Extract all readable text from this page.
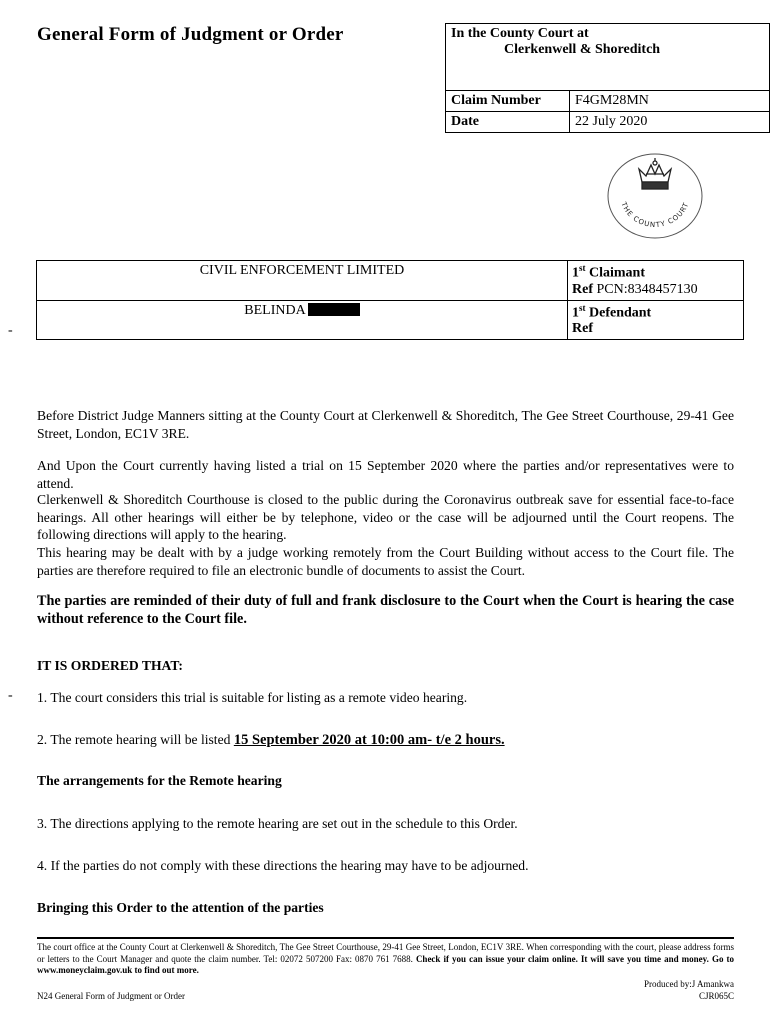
General Form of Judgment or Order	In the County Court at
Clerkenwell & Shoreditch	

Claim Number	F4GM28MN
Date	22 July 2020
THE COUNTY COURT
CIVIL ENFORCEMENT LIMITED	1st Claimant
Ref PCN:8348457130
BELINDA	1st Defendant
Ref
-
-
Before District Judge Manners sitting at the County Court at Clerkenwell & Shoreditch, The Gee Street Courthouse, 29-41 Gee Street, London, EC1V 3RE.
And Upon the Court currently having listed a trial on 15 September 2020 where the parties and/or representatives were to attend.
Clerkenwell & Shoreditch Courthouse is closed to the public during the Coronavirus outbreak save for essential face-to-face hearings. All other hearings will either be by telephone, video or the case will be adjourned until the Court reopens. The following directions will apply to the hearing.
This hearing may be dealt with by a judge working remotely from the Court Building without access to the Court file. The parties are therefore required to file an electronic bundle of documents to assist the Court.
The parties are reminded of their duty of full and frank disclosure to the Court when the Court is hearing the case without reference to the Court file.
IT IS ORDERED THAT:
1. The court considers this trial is suitable for listing as a remote video hearing.
2. The remote hearing will be listed 15 September 2020 at 10:00 am- t/e 2 hours.
The arrangements for the Remote hearing
3. The directions applying to the remote hearing are set out in the schedule to this Order.
4. If the parties do not comply with these directions the hearing may have to be adjourned.
Bringing this Order to the attention of the parties
The court office at the County Court at Clerkenwell & Shoreditch, The Gee Street Courthouse, 29-41 Gee Street, London, EC1V 3RE. When corresponding with the court, please address forms or letters to the Court Manager and quote the claim number. Tel: 02072 507200 Fax: 0870 761 7688. Check if you can issue your claim online. It will save you time and money. Go to www.moneyclaim.gov.uk to find out more.
Produced by:J Amankwa
CJR065C
N24 General Form of Judgment or Order
